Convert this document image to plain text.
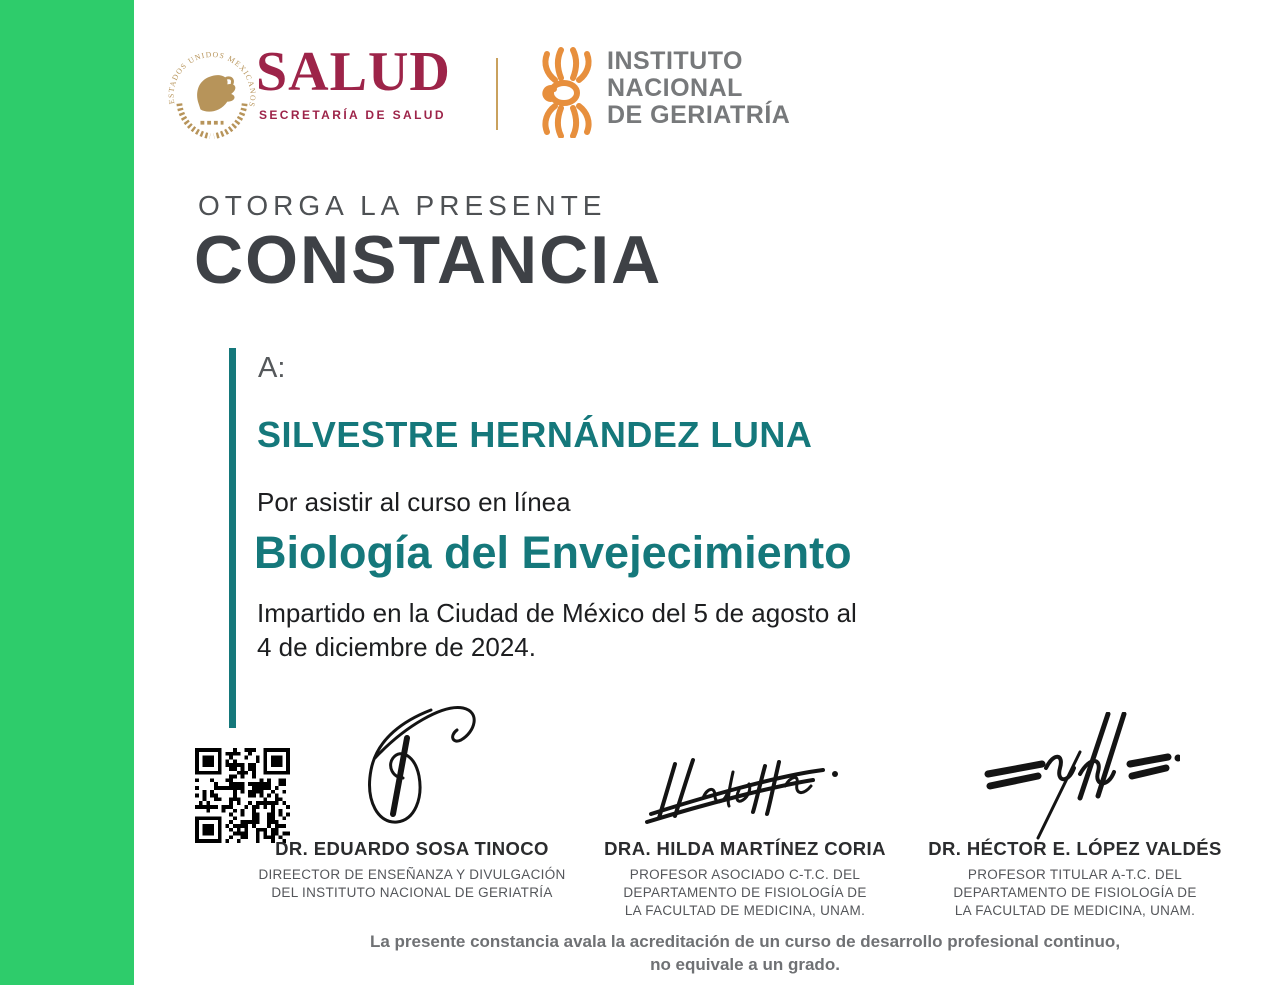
ESTADOS UNIDOS MEXICANOS
SALUD
SECRETARÍA DE SALUD
INSTITUTO
NACIONAL
DE GERIATRÍA
OTORGA LA PRESENTE
CONSTANCIA
A:
SILVESTRE HERNÁNDEZ LUNA
Por asistir al curso en línea
Biología del Envejecimiento
Impartido en la Ciudad de México del 5 de agosto al
4 de diciembre de 2024.
DR. EDUARDO SOSA TINOCO
DIREECTOR DE ENSEÑANZA Y DIVULGACIÓN
DEL INSTITUTO NACIONAL DE GERIATRÍA
DRA. HILDA MARTÍNEZ CORIA
PROFESOR ASOCIADO C-T.C. DEL
DEPARTAMENTO DE FISIOLOGÍA DE
LA FACULTAD DE MEDICINA, UNAM.
DR. HÉCTOR E. LÓPEZ VALDÉS
PROFESOR TITULAR A-T.C. DEL
DEPARTAMENTO DE FISIOLOGÍA DE
LA FACULTAD DE MEDICINA, UNAM.
La presente constancia avala la acreditación de un curso de desarrollo profesional continuo,
no equivale a un grado.
